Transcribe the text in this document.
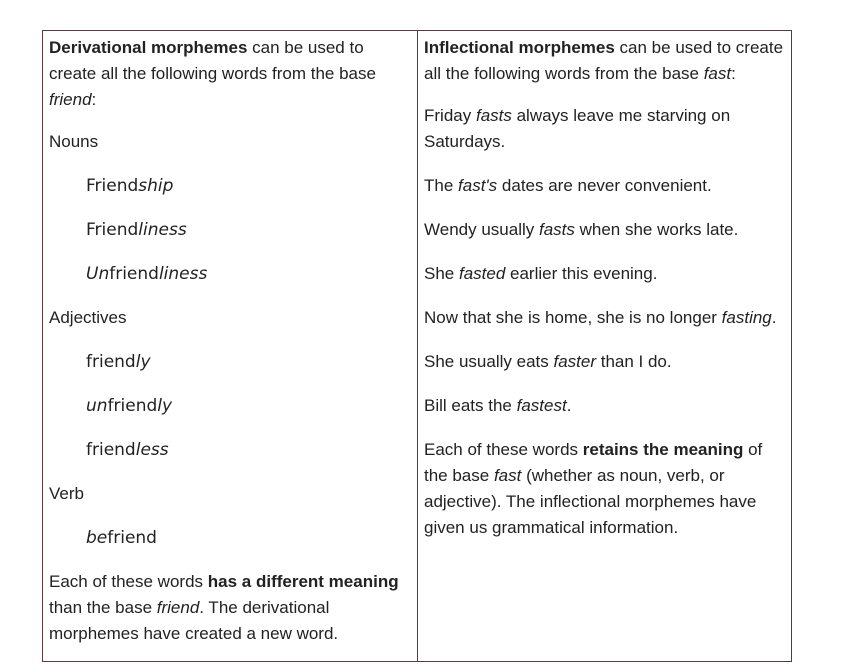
Derivational morphemes can be used to create all the following words from the base friend:

Nouns

Friendship
Friendliness
Unfriendliness

Adjectives

friendly
unfriendly
friendless

Verb

befriend

Each of these words has a different meaning than the base friend. The derivational morphemes have created a new word.

Inflectional morphemes can be used to create all the following words from the base fast:

Friday fasts always leave me starving on Saturdays.

The fast's dates are never convenient.

Wendy usually fasts when she works late.

She fasted earlier this evening.

Now that she is home, she is no longer fasting.

She usually eats faster than I do.

Bill eats the fastest.

Each of these words retains the meaning of the base fast (whether as noun, verb, or adjective). The inflectional morphemes have given us grammatical information.
